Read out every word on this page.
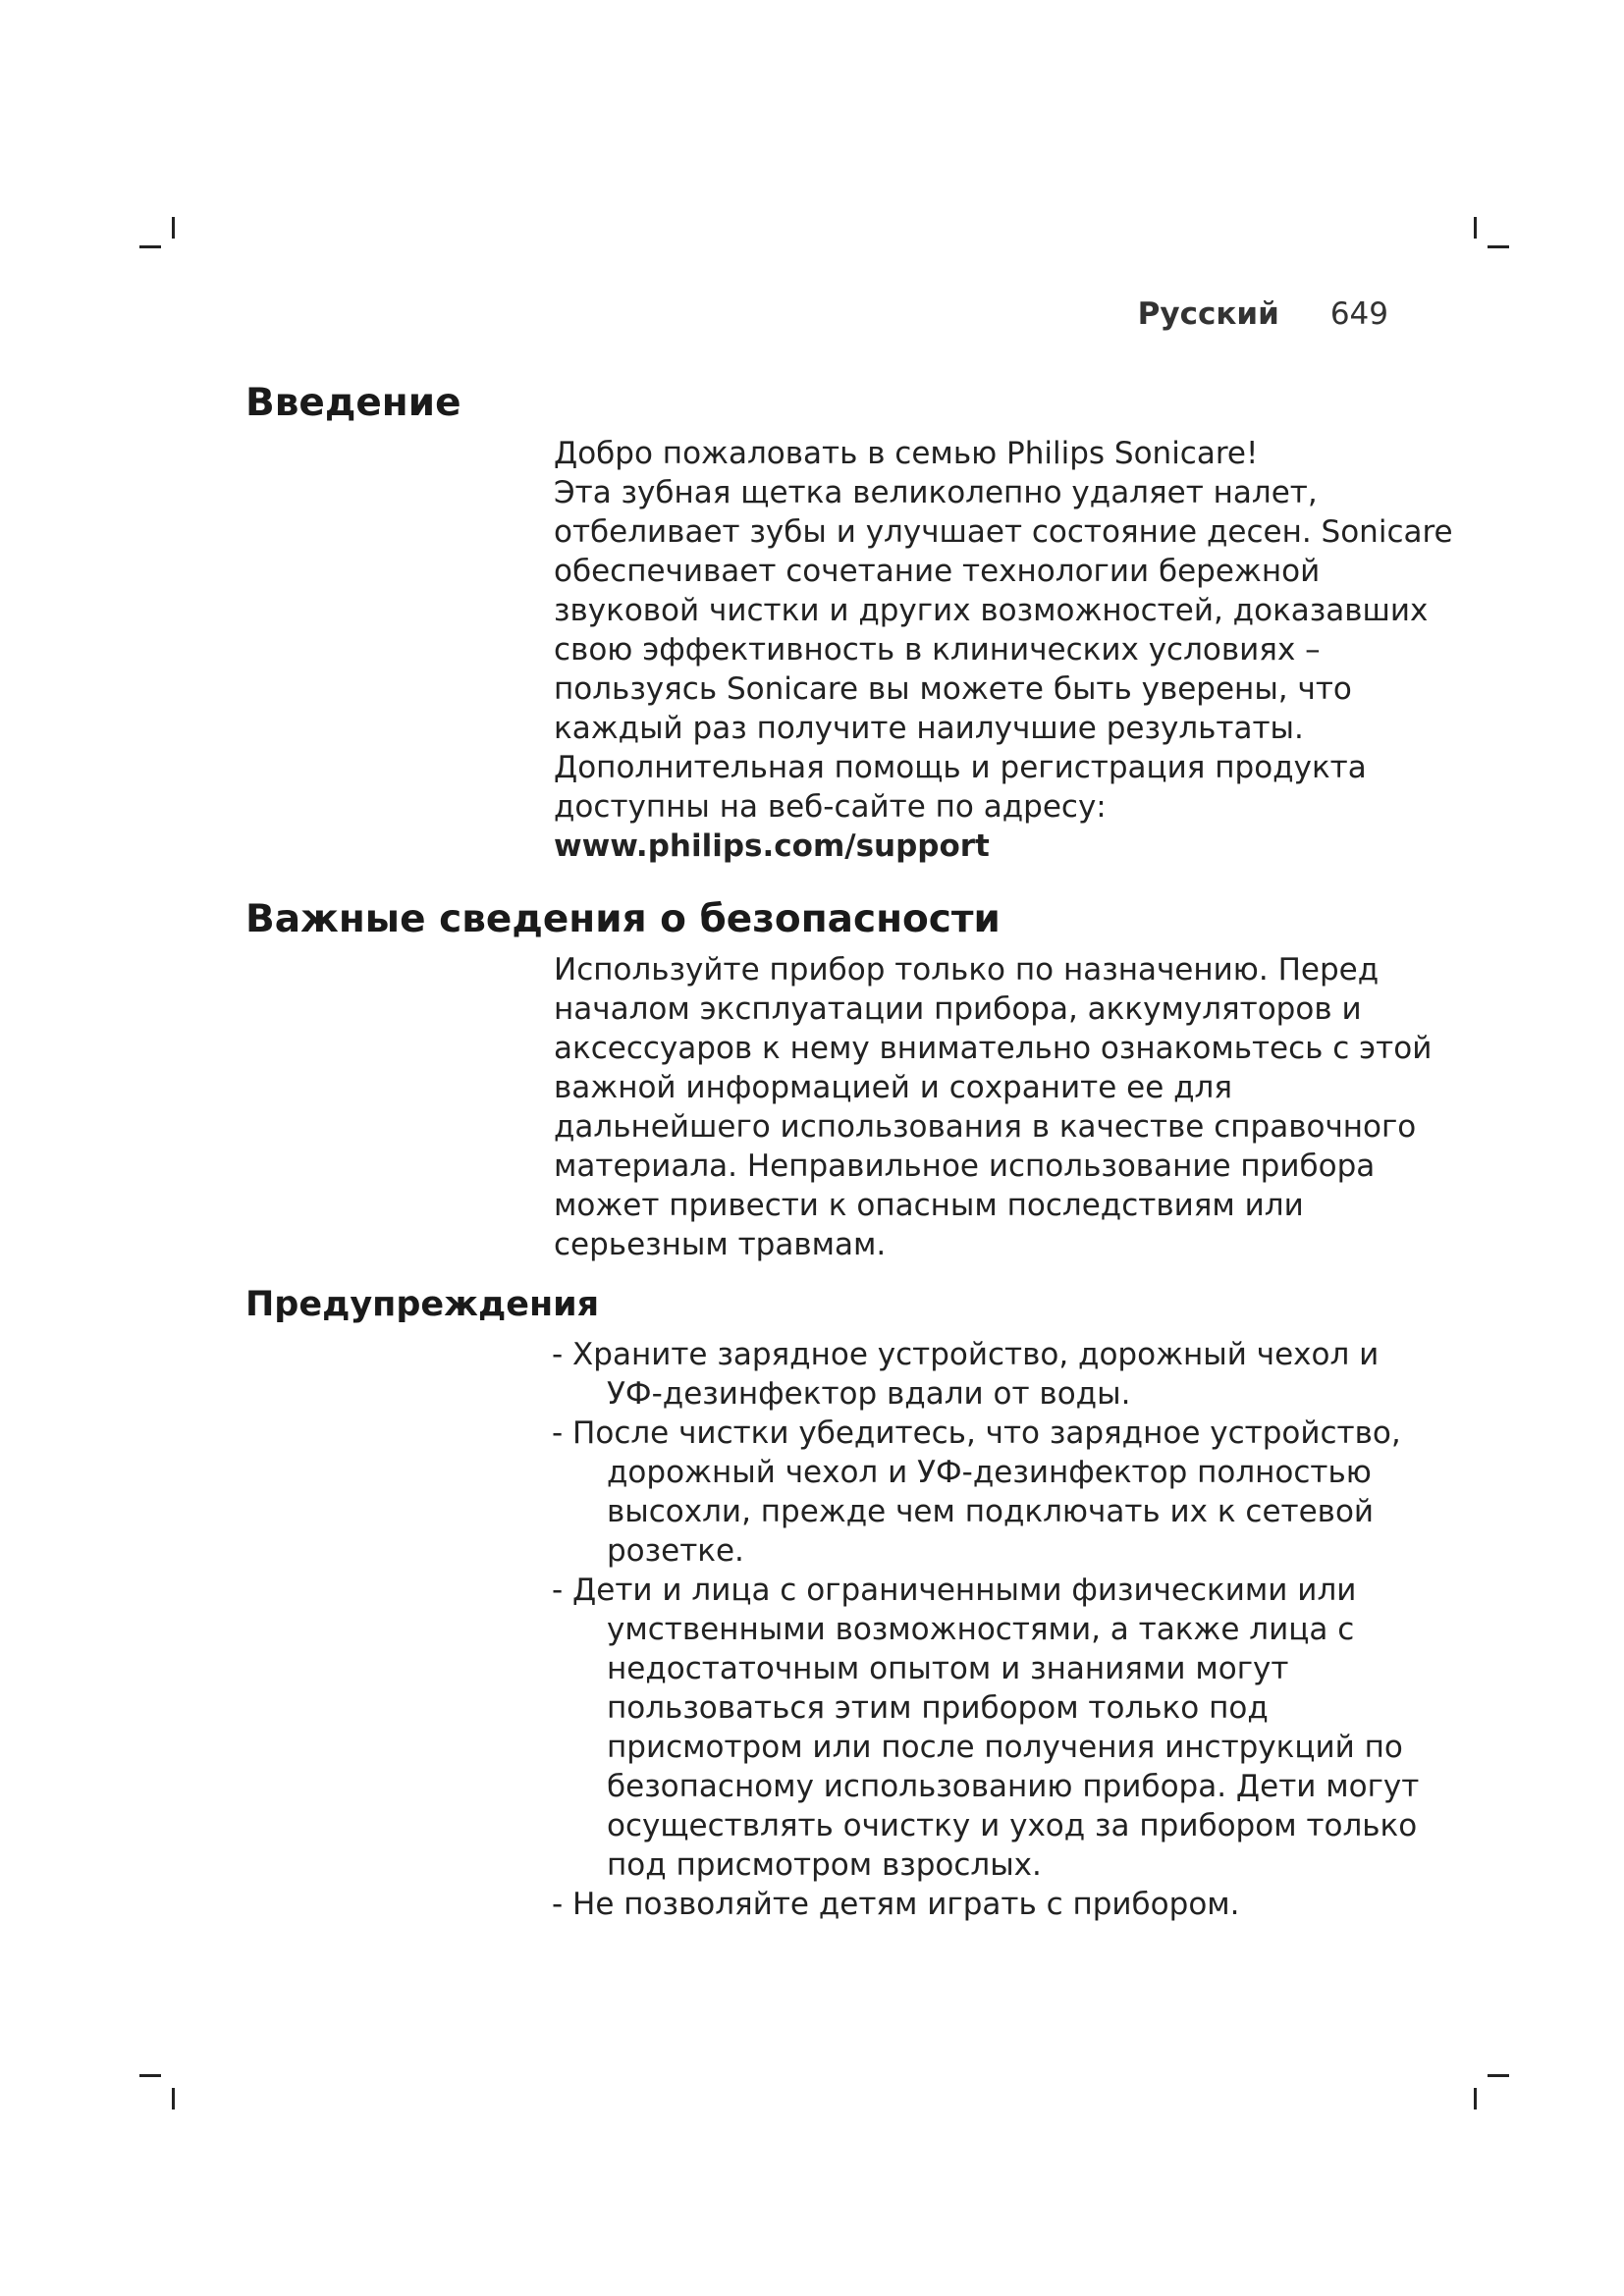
Русский 649
Введение
Добро пожаловать в семью Philips Sonicare!
Эта зубная щетка великолепно удаляет налет,
отбеливает зубы и улучшает состояние десен. Sonicare
обеспечивает сочетание технологии бережной
звуковой чистки и других возможностей, доказавших
свою эффективность в клинических условиях –
пользуясь Sonicare вы можете быть уверены, что
каждый раз получите наилучшие результаты.
Дополнительная помощь и регистрация продукта
доступны на веб-сайте по адресу:
www.philips.com/support
Важные сведения о безопасности
Используйте прибор только по назначению. Перед
началом эксплуатации прибора, аккумуляторов и
аксессуаров к нему внимательно ознакомьтесь с этой
важной информацией и сохраните ее для
дальнейшего использования в качестве справочного
материала. Неправильное использование прибора
может привести к опасным последствиям или
серьезным травмам.
Предупреждения
- Храните зарядное устройство, дорожный чехол и
УФ-дезинфектор вдали от воды.
- После чистки убедитесь, что зарядное устройство,
дорожный чехол и УФ-дезинфектор полностью
высохли, прежде чем подключать их к сетевой
розетке.
- Дети и лица с ограниченными физическими или
умственными возможностями, а также лица с
недостаточным опытом и знаниями могут
пользоваться этим прибором только под
присмотром или после получения инструкций по
безопасному использованию прибора. Дети могут
осуществлять очистку и уход за прибором только
под присмотром взрослых.
- Не позволяйте детям играть с прибором.
